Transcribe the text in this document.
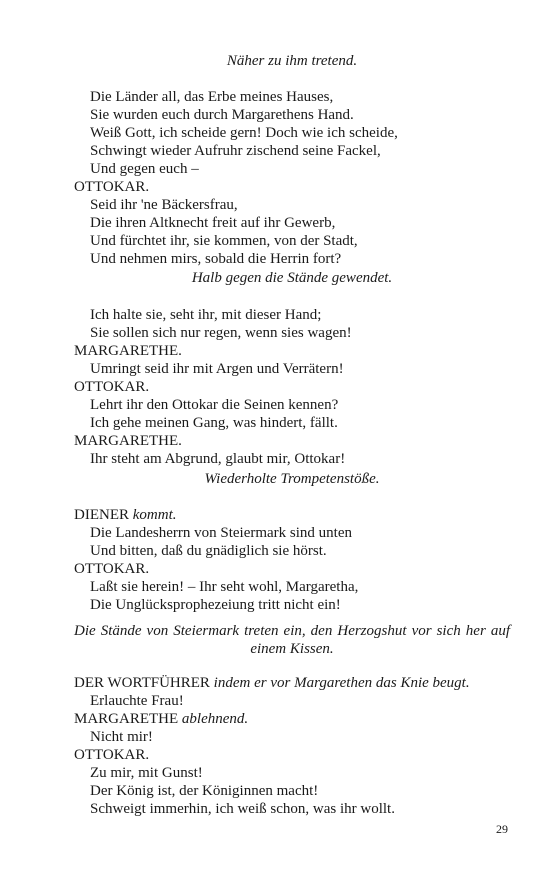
Näher zu ihm tretend.
Die Länder all, das Erbe meines Hauses,
Sie wurden euch durch Margarethens Hand.
Weiß Gott, ich scheide gern! Doch wie ich scheide,
Schwingt wieder Aufruhr zischend seine Fackel,
Und gegen euch –
OTTOKAR.
Seid ihr 'ne Bäckersfrau,
Die ihren Altknecht freit auf ihr Gewerb,
Und fürchtet ihr, sie kommen, von der Stadt,
Und nehmen mirs, sobald die Herrin fort?
Halb gegen die Stände gewendet.
Ich halte sie, seht ihr, mit dieser Hand;
Sie sollen sich nur regen, wenn sies wagen!
MARGARETHE.
Umringt seid ihr mit Argen und Verrätern!
OTTOKAR.
Lehrt ihr den Ottokar die Seinen kennen?
Ich gehe meinen Gang, was hindert, fällt.
MARGARETHE.
Ihr steht am Abgrund, glaubt mir, Ottokar!
Wiederholte Trompetenstöße.
DIENER kommt.
Die Landesherrn von Steiermark sind unten
Und bitten, daß du gnädiglich sie hörst.
OTTOKAR.
Laßt sie herein! – Ihr seht wohl, Margaretha,
Die Unglücksprophezeiung tritt nicht ein!
Die Stände von Steiermark treten ein, den Herzogshut vor sich her auf einem Kissen.
DER WORTFÜHRER indem er vor Margarethen das Knie beugt.
Erlauchte Frau!
MARGARETHE ablehnend.
Nicht mir!
OTTOKAR.
Zu mir, mit Gunst!
Der König ist, der Königinnen macht!
Schweigt immerhin, ich weiß schon, was ihr wollt.
29
